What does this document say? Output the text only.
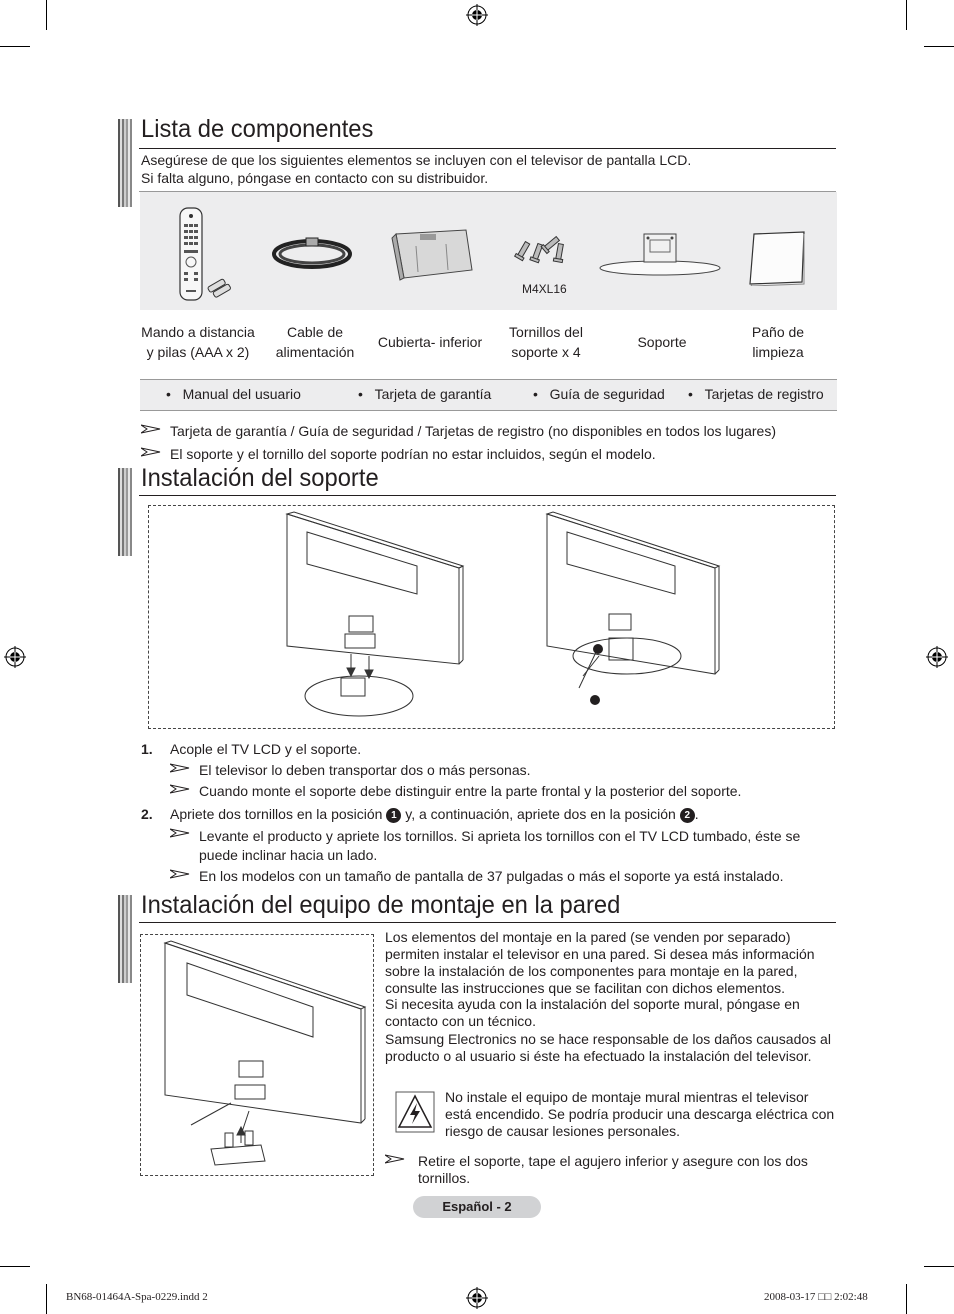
Lista de componentes
Asegúrese de que los siguientes elementos se incluyen con el televisor de pantalla LCD.
Si falta alguno, póngase en contacto con su distribuidor.
M4XL16
Mando a distancia y pilas (AAA x 2)
Cable de alimentación
Cubierta- inferior
Tornillos del soporte x 4
Soporte
Paño de limpieza
•   Manual del usuario	•   Tarjeta de garantía	•   Guía de seguridad •   Tarjetas de registro
Tarjeta de garantía / Guía de seguridad / Tarjetas de registro (no disponibles en todos los lugares)
El soporte y el tornillo del soporte podrían no estar incluidos, según el modelo.
Instalación del soporte
1. Acople el TV LCD y el soporte.
El televisor lo deben transportar dos o más personas.
Cuando monte el soporte debe distinguir entre la parte frontal y la posterior del soporte.
2. Apriete dos tornillos en la posición 1 y, a continuación, apriete dos en la posición 2 .
Levante el producto y apriete los tornillos. Si aprieta los tornillos con el TV LCD tumbado, éste se puede inclinar hacia un lado.
En los modelos con un tamaño de pantalla de 37 pulgadas o más el soporte ya está instalado.
Instalación del equipo de montaje en la pared
Los elementos del montaje en la pared (se venden por separado) permiten instalar el televisor en una pared. Si desea más información sobre la instalación de los componentes para montaje en la pared, consulte las instrucciones que se facilitan con dichos elementos.
Si necesita ayuda con la instalación del soporte mural, póngase en contacto con un técnico.
Samsung Electronics no se hace responsable de los daños causados al producto o al usuario si éste ha efectuado la instalación del televisor.
No instale el equipo de montaje mural mientras el televisor está encendido. Se podría producir una descarga eléctrica con riesgo de causar lesiones personales.
Retire el soporte, tape el agujero inferior y asegure con los dos tornillos.
Español - 2
BN68-01464A-Spa-0229.indd 2	2008-03-17 □□ 2:02:48
